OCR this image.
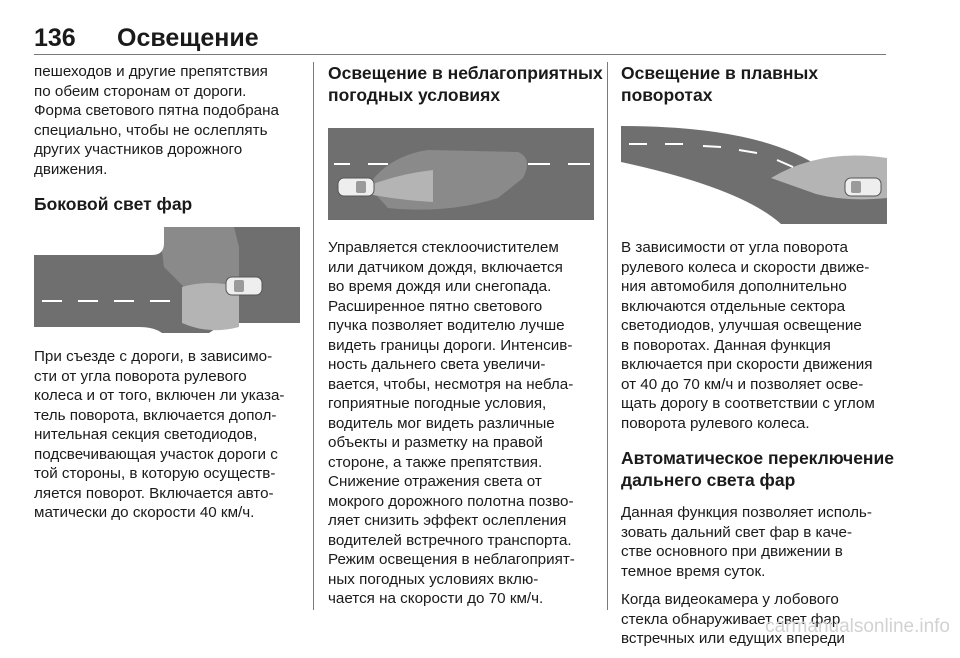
136 Освещение
пешеходов и другие препятствия
по обеим сторонам от дороги.
Форма светового пятна подобрана
специально, чтобы не ослеплять
других участников дорожного
движения.
Боковой свет фар
При съезде с дороги, в зависимо-
сти от угла поворота рулевого
колеса и от того, включен ли указа-
тель поворота, включается допол-
нительная секция светодиодов,
подсвечивающая участок дороги с
той стороны, в которую осуществ-
ляется поворот. Включается авто-
матически до скорости 40 км/ч.
Освещение в неблагоприятных
погодных условиях
Управляется стеклоочистителем
или датчиком дождя, включается
во время дождя или снегопада.
Расширенное пятно светового
пучка позволяет водителю лучше
видеть границы дороги. Интенсив-
ность дальнего света увеличи-
вается, чтобы, несмотря на небла-
гоприятные погодные условия,
водитель мог видеть различные
объекты и разметку на правой
стороне, а также препятствия.
Снижение отражения света от
мокрого дорожного полотна позво-
ляет снизить эффект ослепления
водителей встречного транспорта.
Режим освещения в неблагоприят-
ных погодных условиях вклю-
чается на скорости до 70 км/ч.
Освещение в плавных
поворотах
В зависимости от угла поворота
рулевого колеса и скорости движе-
ния автомобиля дополнительно
включаются отдельные сектора
светодиодов, улучшая освещение
в поворотах. Данная функция
включается при скорости движения
от 40 до 70 км/ч и позволяет осве-
щать дорогу в соответствии с углом
поворота рулевого колеса.
Автоматическое переключение
дальнего света фар
Данная функция позволяет исполь-
зовать дальний свет фар в каче-
стве основного при движении в
темное время суток.
Когда видеокамера у лобового
стекла обнаруживает свет фар
встречных или едущих впереди
carmanualsonline.info
